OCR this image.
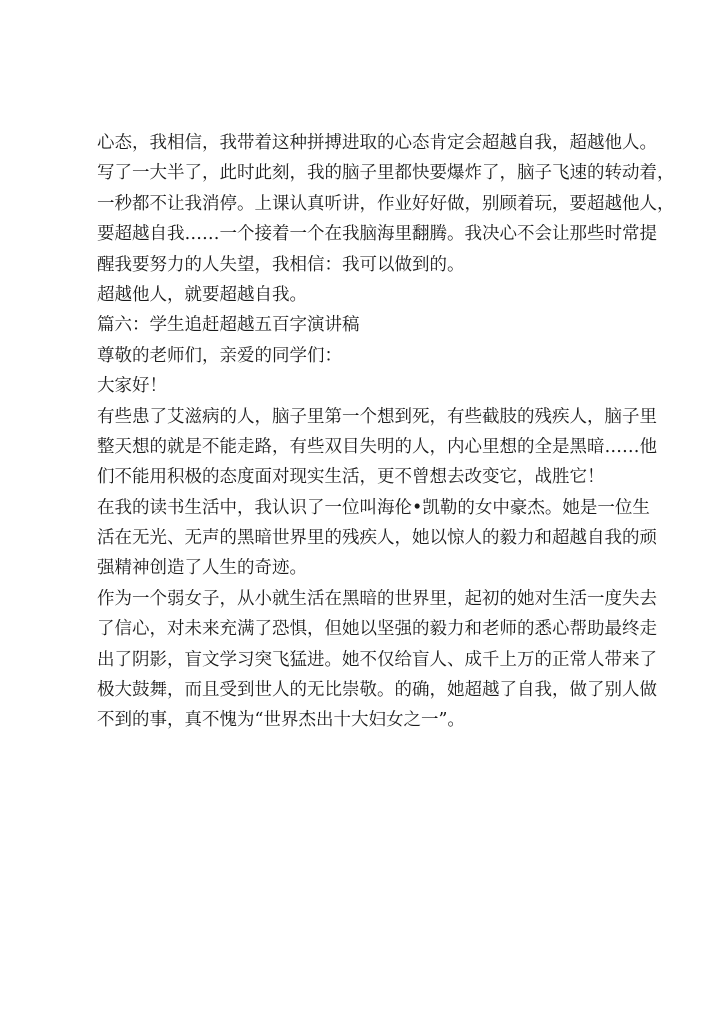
心态，我相信，我带着这种拼搏进取的心态肯定会超越自我，超越他人。
写了一大半了，此时此刻，我的脑子里都快要爆炸了，脑子飞速的转动着，
一秒都不让我消停。上课认真听讲，作业好好做，别顾着玩，要超越他人，
要超越自我……一个接着一个在我脑海里翻腾。我决心不会让那些时常提
醒我要努力的人失望，我相信：我可以做到的。
超越他人，就要超越自我。
篇六：学生追赶超越五百字演讲稿
尊敬的老师们，亲爱的同学们：
大家好！
有些患了艾滋病的人，脑子里第一个想到死，有些截肢的残疾人，脑子里
整天想的就是不能走路，有些双目失明的人，内心里想的全是黑暗……他
们不能用积极的态度面对现实生活，更不曾想去改变它，战胜它！
在我的读书生活中，我认识了一位叫海伦•凯勒的女中豪杰。她是一位生
活在无光、无声的黑暗世界里的残疾人，她以惊人的毅力和超越自我的顽
强精神创造了人生的奇迹。
作为一个弱女子，从小就生活在黑暗的世界里，起初的她对生活一度失去
了信心，对未来充满了恐惧，但她以坚强的毅力和老师的悉心帮助最终走
出了阴影，盲文学习突飞猛进。她不仅给盲人、成千上万的正常人带来了
极大鼓舞，而且受到世人的无比崇敬。的确，她超越了自我，做了别人做
不到的事，真不愧为“世界杰出十大妇女之一”。
